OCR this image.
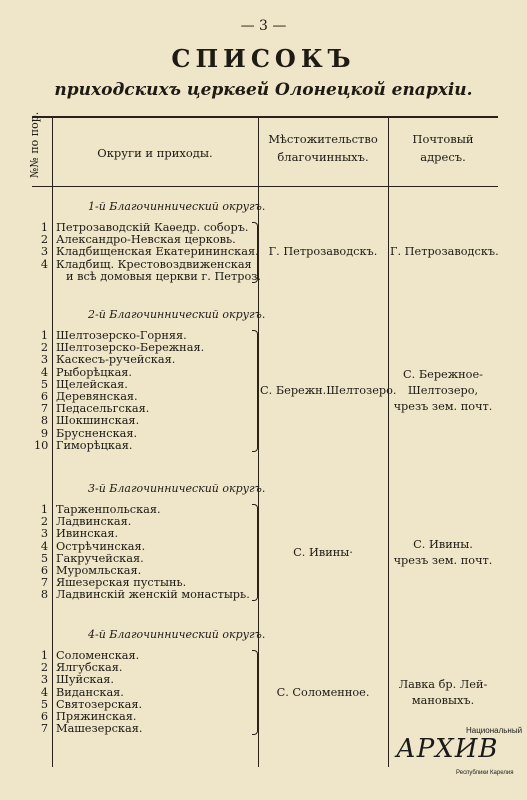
— 3 —
СПИСОКЪ
приходскихъ церквей Олонецкой епархіи.
№№ по пор.	Округи и приходы.
Мѣстожительство
благочинныхъ.
Почтовый
адресъ.
1-й Благочиннический округъ.
1 Петрозаводскій Каѳедр. соборъ.
2 Александро-Невская церковь.
3 Кладбищенская Екатерининская.
4 Кладбищ. Крестовоздвиженская
и всѣ домовыя церкви г. Петроз.
Г. Петрозаводскъ.	Г. Петрозаводскъ.
2-й Благочиннический округъ.
1 Шелтозерско-Горняя.
2 Шелтозерско-Бережная.
3 Каскесъ-ручейская.
4 Рыборѣцкая.
5 Щелейская.
6 Деревянская.
7 Педасельгская.
8 Шокшинская.
9 Брусненская.
10 Гиморѣцкая.
С. Бережн.Шелтозеро.
С. Бережное-
Шелтозеро,
чрезъ зем. почт.
3-й Благочиннический округъ.
1 Тарженпольская.
2 Ладвинская.
3 Ивинская.
4 Острѣчинская.
5 Гакручейская.
6 Муромльская.
7 Яшезерская пустынь.
8 Ладвинскій женскій монастырь.
С. Ивины·
С. Ивины.
чрезъ зем. почт.
4-й Благочиннический округъ.
1 Соломенская.
2 Ялгубская.
3 Шуйская.
4 Виданская.
5 Святозерская.
6 Пряжинская.
7 Машезерская.
С. Соломенное.
Лавка бр. Лей-
мановыхъ.
Национальный
АРХИВ
Республики Карелия
